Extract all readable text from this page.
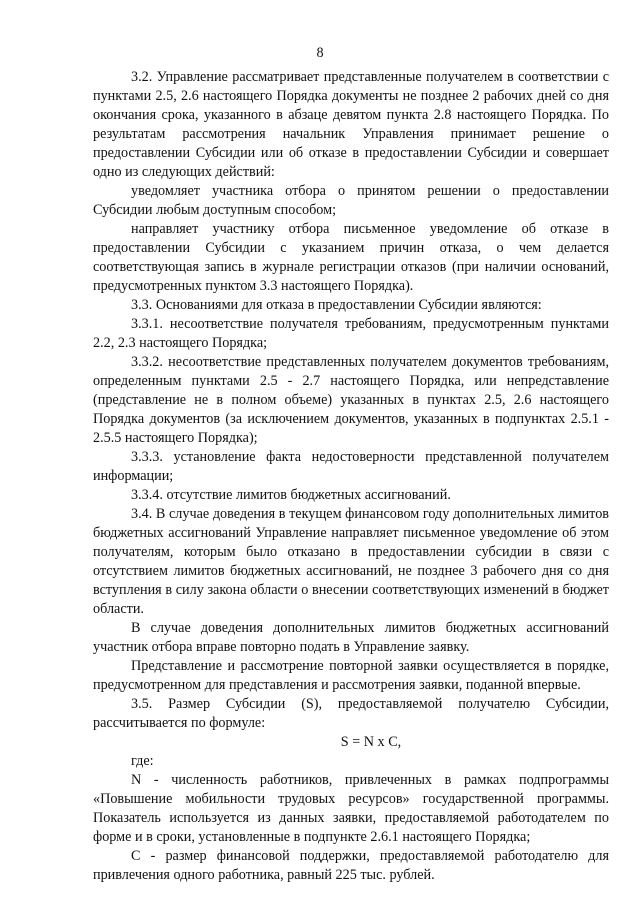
8

3.2. Управление рассматривает представленные получателем в соответствии с пунктами 2.5, 2.6 настоящего Порядка документы не позднее 2 рабочих дней со дня окончания срока, указанного в абзаце девятом пункта 2.8 настоящего Порядка. По результатам рассмотрения начальник Управления принимает решение о предоставлении Субсидии или об отказе в предоставлении Субсидии и совершает одно из следующих действий:

уведомляет участника отбора о принятом решении о предоставлении Субсидии любым доступным способом;

направляет участнику отбора письменное уведомление об отказе в предоставлении Субсидии с указанием причин отказа, о чем делается соответствующая запись в журнале регистрации отказов (при наличии оснований, предусмотренных пунктом 3.3 настоящего Порядка).

3.3. Основаниями для отказа в предоставлении Субсидии являются:

3.3.1. несоответствие получателя требованиям, предусмотренным пунктами 2.2, 2.3 настоящего Порядка;

3.3.2. несоответствие представленных получателем документов требованиям, определенным пунктами 2.5 - 2.7 настоящего Порядка, или непредставление (представление не в полном объеме) указанных в пунктах 2.5, 2.6 настоящего Порядка документов (за исключением документов, указанных в подпунктах 2.5.1 - 2.5.5 настоящего Порядка);

3.3.3. установление факта недостоверности представленной получателем информации;

3.3.4. отсутствие лимитов бюджетных ассигнований.

3.4. В случае доведения в текущем финансовом году дополнительных лимитов бюджетных ассигнований Управление направляет письменное уведомление об этом получателям, которым было отказано в предоставлении субсидии в связи с отсутствием лимитов бюджетных ассигнований, не позднее 3 рабочего дня со дня вступления в силу закона области о внесении соответствующих изменений в бюджет области.

В случае доведения дополнительных лимитов бюджетных ассигнований участник отбора вправе повторно подать в Управление заявку.

Представление и рассмотрение повторной заявки осуществляется в порядке, предусмотренном для представления и рассмотрения заявки, поданной впервые.

3.5. Размер Субсидии (S), предоставляемой получателю Субсидии, рассчитывается по формуле:

S = N x C,

где:

N - численность работников, привлеченных в рамках подпрограммы «Повышение мобильности трудовых ресурсов» государственной программы. Показатель используется из данных заявки, предоставляемой работодателем по форме и в сроки, установленные в подпункте 2.6.1 настоящего Порядка;

C - размер финансовой поддержки, предоставляемой работодателю для привлечения одного работника, равный 225 тыс. рублей.
